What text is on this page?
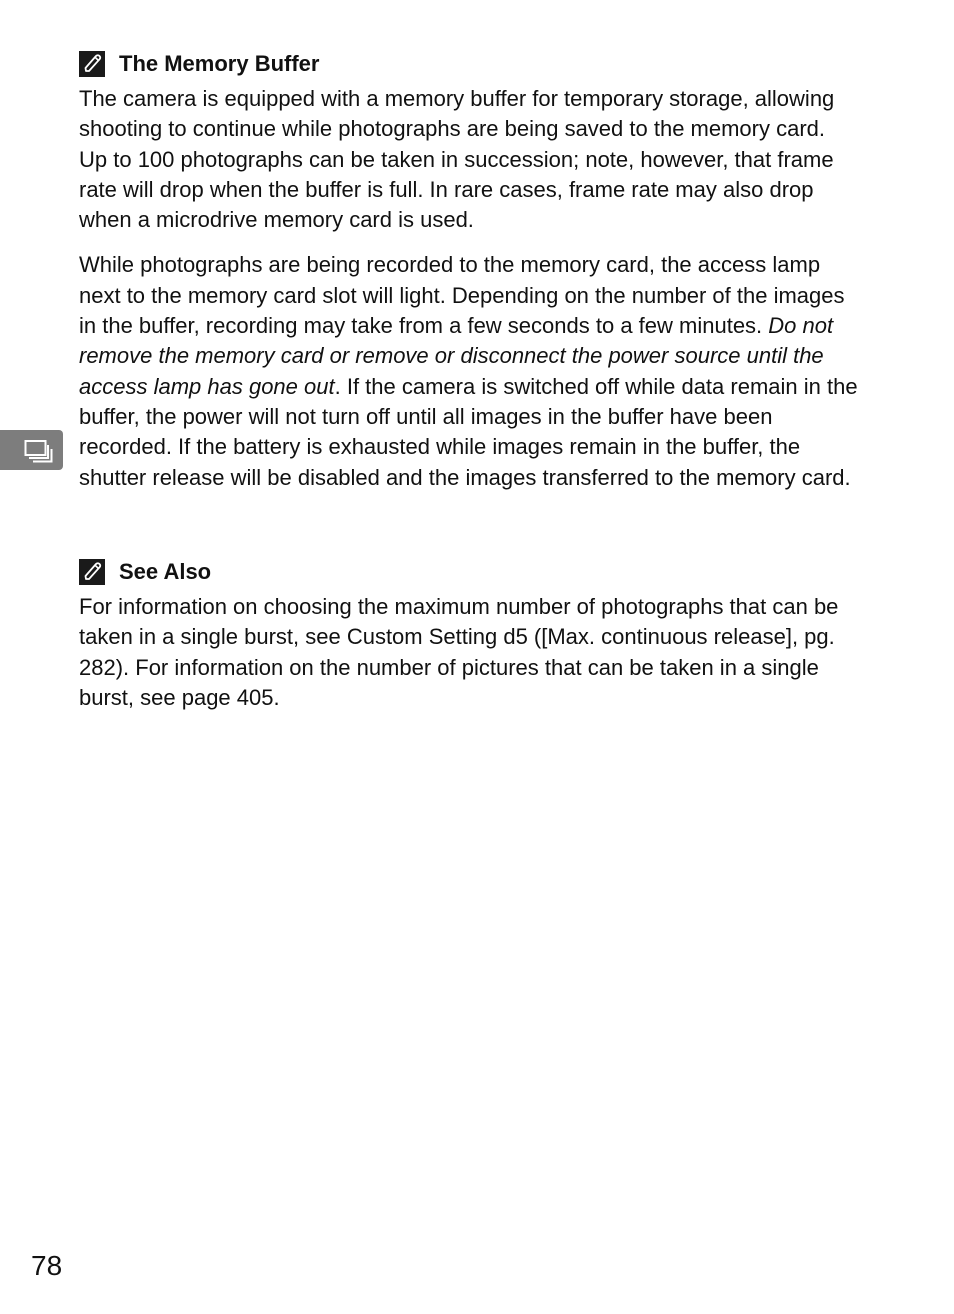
The Memory Buffer

The camera is equipped with a memory buffer for temporary storage, allowing shooting to continue while photographs are being saved to the memory card. Up to 100 photographs can be taken in succession; note, however, that frame rate will drop when the buffer is full. In rare cases, frame rate may also drop when a microdrive memory card is used.

While photographs are being recorded to the memory card, the access lamp next to the memory card slot will light. Depending on the number of the images in the buffer, recording may take from a few seconds to a few minutes. Do not remove the memory card or remove or disconnect the power source until the access lamp has gone out. If the camera is switched off while data remain in the buffer, the power will not turn off until all images in the buffer have been recorded. If the battery is exhausted while images remain in the buffer, the shutter release will be disabled and the images transferred to the memory card.

See Also

For information on choosing the maximum number of photographs that can be taken in a single burst, see Custom Setting d5 ([Max. continuous release], pg. 282). For information on the number of pictures that can be taken in a single burst, see page 405.

78
